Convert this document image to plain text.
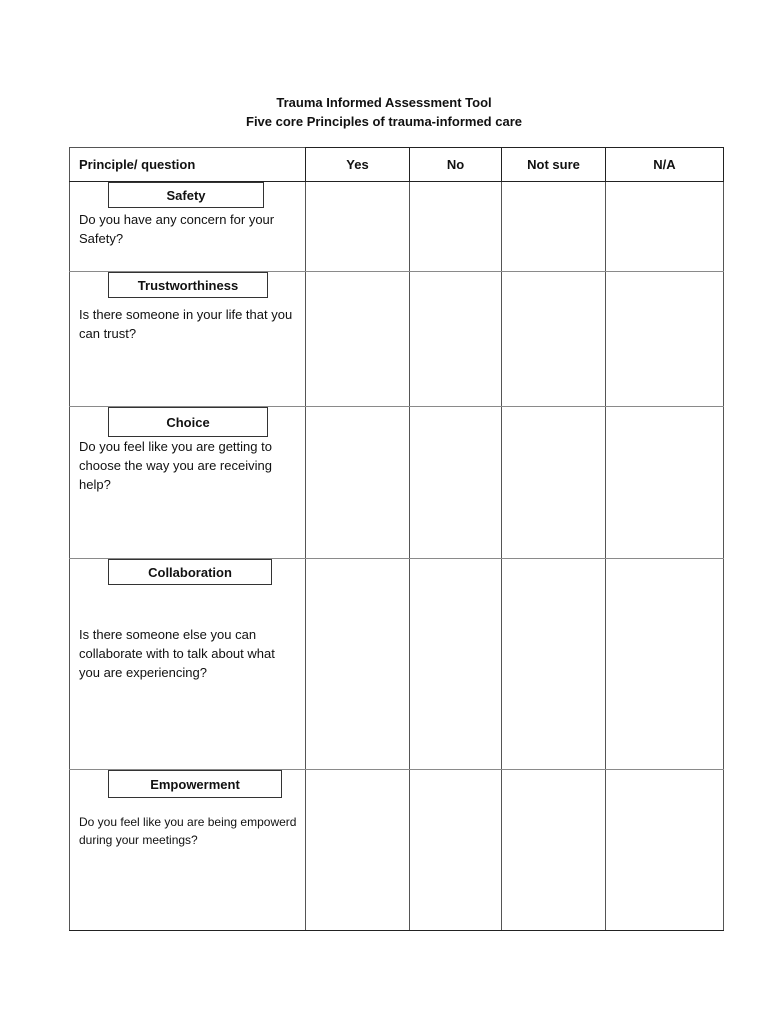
Trauma Informed Assessment Tool
Five core Principles of trauma-informed care
Principle/ question	Yes	No	Not sure	N/A

Safety
Do you have any concern for your Safety?				

Trustworthiness
Is there someone in your life that you can trust?				

Choice
Do you feel like you are getting to choose the way you are receiving help?				

Collaboration
Is there someone else you can collaborate with to talk about what you are experiencing?				

Empowerment
Do you feel like you are being empowerd during your meetings?				
